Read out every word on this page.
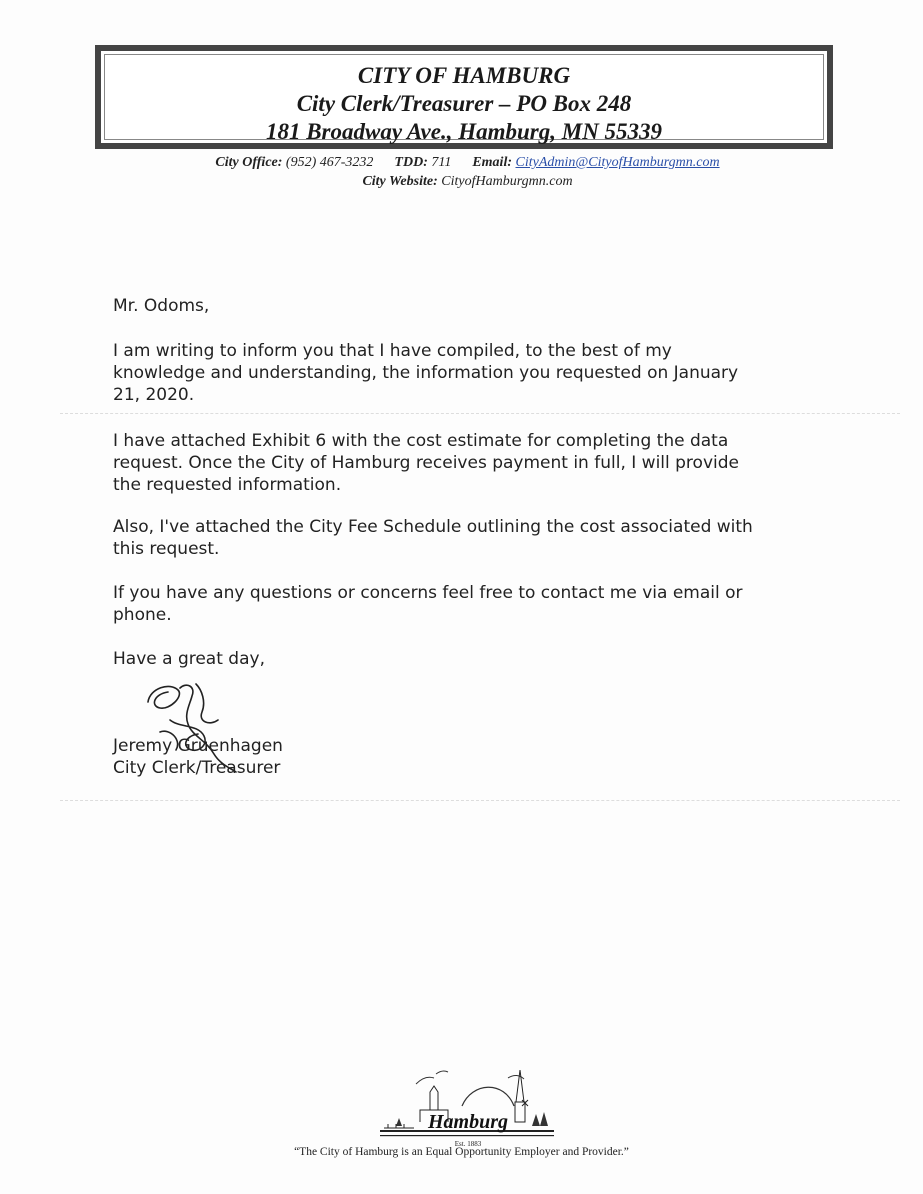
CITY OF HAMBURG
City Clerk/Treasurer – PO Box 248
181 Broadway Ave., Hamburg, MN 55339
City Office: (952) 467-3232 TDD: 711 Email: CityAdmin@CityofHamburgmn.com
City Website: CityofHamburgmn.com
Mr. Odoms,
I am writing to inform you that I have compiled, to the best of my
knowledge and understanding, the information you requested on January
21, 2020.
I have attached Exhibit 6 with the cost estimate for completing the data
request. Once the City of Hamburg receives payment in full, I will provide
the requested information.
Also, I've attached the City Fee Schedule outlining the cost associated with
this request.
If you have any questions or concerns feel free to contact me via email or
phone.
Have a great day,
Jeremy Gruenhagen
City Clerk/Treasurer
Hamburg
Est. 1883
“The City of Hamburg is an Equal Opportunity Employer and Provider.”
